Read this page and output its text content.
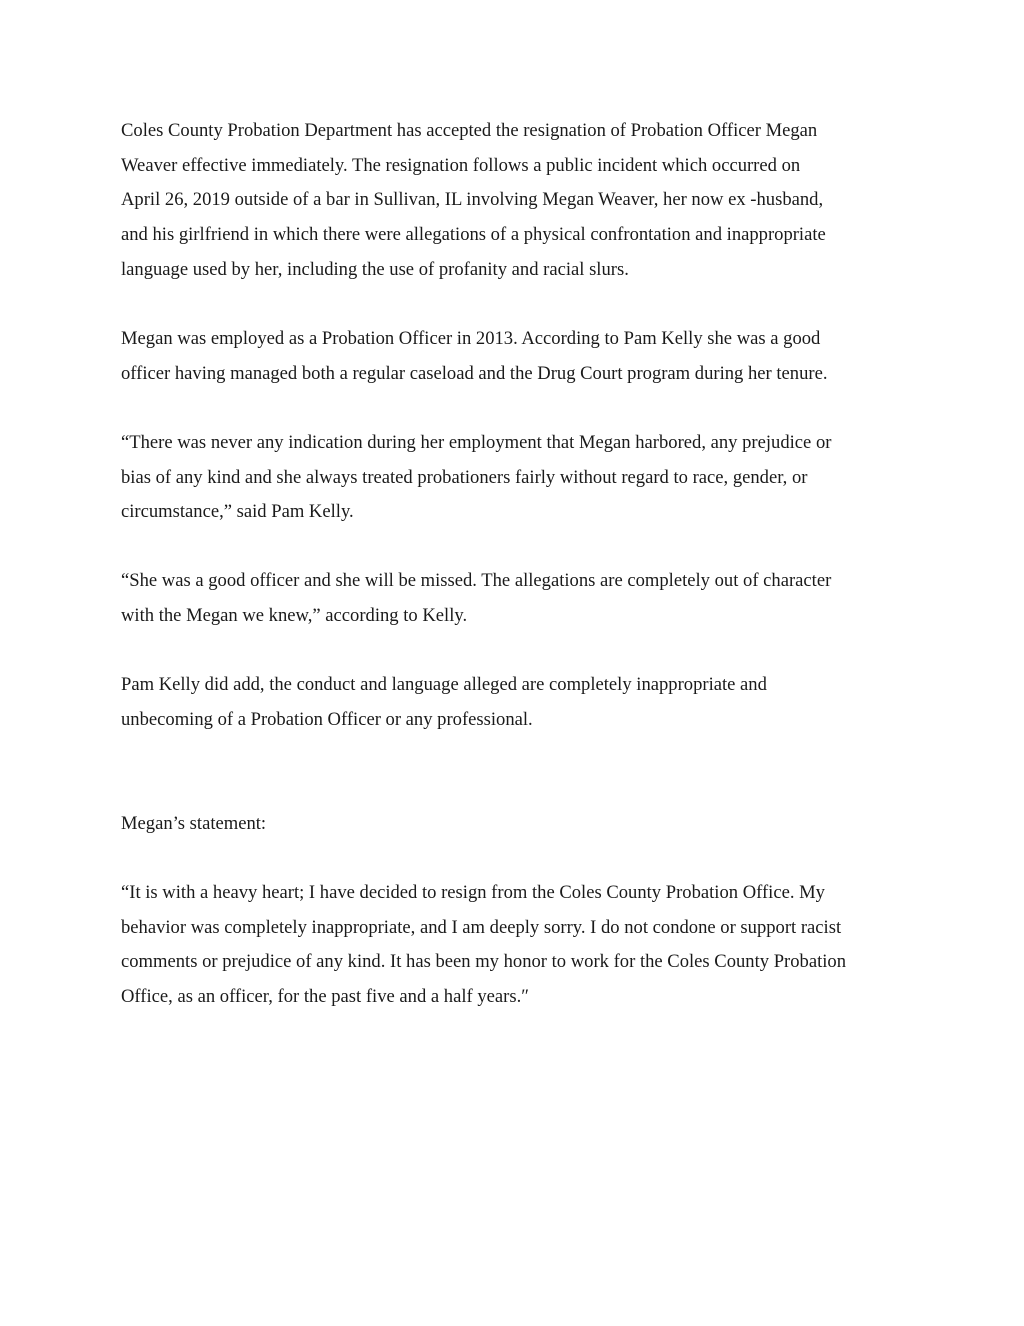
Coles County Probation Department has accepted the resignation of Probation Officer Megan
Weaver effective immediately. The resignation follows a public incident which occurred on
April 26, 2019 outside of a bar in Sullivan, IL involving Megan Weaver, her now ex -husband,
and his girlfriend in which there were allegations of a physical confrontation and inappropriate
language used by her, including the use of profanity and racial slurs.

Megan was employed as a Probation Officer in 2013. According to Pam Kelly she was a good
officer having managed both a regular caseload and the Drug Court program during her tenure.

“There was never any indication during her employment that Megan harbored, any prejudice or
bias of any kind and she always treated probationers fairly without regard to race, gender, or
circumstance,” said Pam Kelly.

“She was a good officer and she will be missed. The allegations are completely out of character
with the Megan we knew,” according to Kelly.

Pam Kelly did add, the conduct and language alleged are completely inappropriate and
unbecoming of a Probation Officer or any professional.

Megan’s statement:

“It is with a heavy heart; I have decided to resign from the Coles County Probation Office. My
behavior was completely inappropriate, and I am deeply sorry. I do not condone or support racist
comments or prejudice of any kind. It has been my honor to work for the Coles County Probation
Office, as an officer, for the past five and a half years.″
